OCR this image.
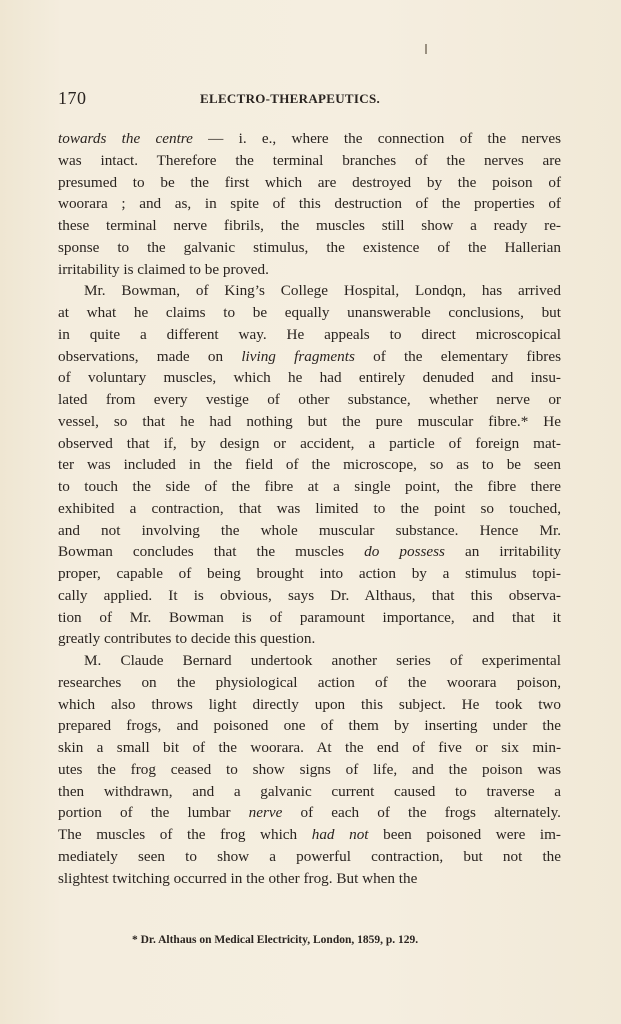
170	ELECTRO-THERAPEUTICS.
towards the centre — i. e., where the connection of the nerves
was intact. Therefore the terminal branches of the nerves are
presumed to be the first which are destroyed by the poison of
woorara ; and as, in spite of this destruction of the properties of
these terminal nerve fibrils, the muscles still show a ready re-
sponse to the galvanic stimulus, the existence of the Hallerian
irritability is claimed to be proved.
Mr. Bowman, of King’s College Hospital, London, has arrived
at what he claims to be equally unanswerable conclusions, but
in quite a different way. He appeals to direct microscopical
observations, made on living fragments of the elementary fibres
of voluntary muscles, which he had entirely denuded and insu-
lated from every vestige of other substance, whether nerve or
vessel, so that he had nothing but the pure muscular fibre.* He
observed that if, by design or accident, a particle of foreign mat-
ter was included in the field of the microscope, so as to be seen
to touch the side of the fibre at a single point, the fibre there
exhibited a contraction, that was limited to the point so touched,
and not involving the whole muscular substance. Hence Mr.
Bowman concludes that the muscles do possess an irritability
proper, capable of being brought into action by a stimulus topi-
cally applied. It is obvious, says Dr. Althaus, that this observa-
tion of Mr. Bowman is of paramount importance, and that it
greatly contributes to decide this question.
M. Claude Bernard undertook another series of experimental
researches on the physiological action of the woorara poison,
which also throws light directly upon this subject. He took two
prepared frogs, and poisoned one of them by inserting under the
skin a small bit of the woorara. At the end of five or six min-
utes the frog ceased to show signs of life, and the poison was
then withdrawn, and a galvanic current caused to traverse a
portion of the lumbar nerve of each of the frogs alternately.
The muscles of the frog which had not been poisoned were im-
mediately seen to show a powerful contraction, but not the
slightest twitching occurred in the other frog. But when the
* Dr. Althaus on Medical Electricity, London, 1859, p. 129.
